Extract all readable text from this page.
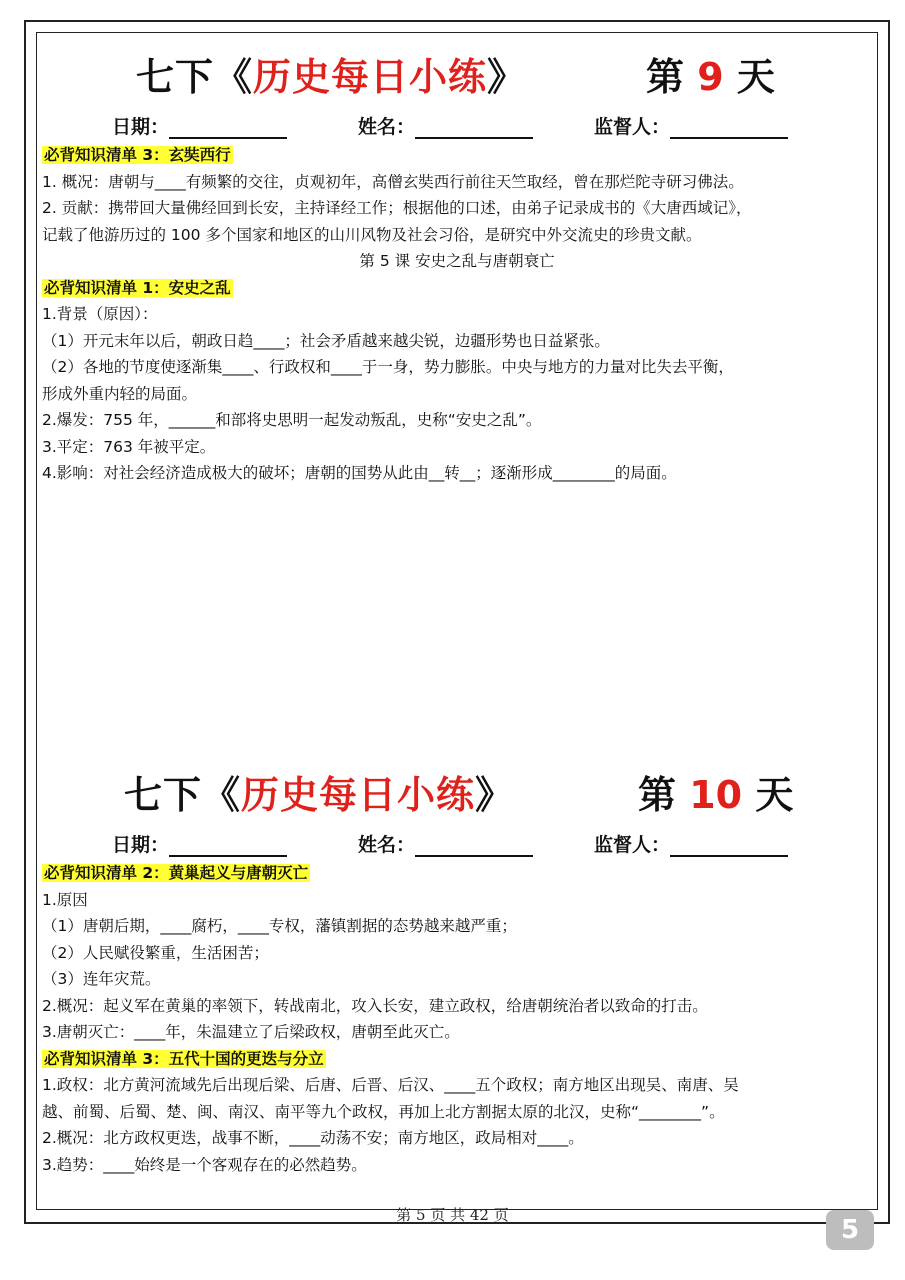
七下《历史每日小练》	第 9 天
日期：	姓名：	监督人：
必背知识清单 3：玄奘西行
1. 概况：唐朝与____有频繁的交往，贞观初年，高僧玄奘西行前往天竺取经，曾在那烂陀寺研习佛法。
2. 贡献：携带回大量佛经回到长安，主持译经工作；根据他的口述，由弟子记录成书的《大唐西域记》，
记载了他游历过的 100 多个国家和地区的山川风物及社会习俗，是研究中外交流史的珍贵文献。
第 5 课 安史之乱与唐朝衰亡
必背知识清单 1：安史之乱
1.背景（原因）：
（1）开元末年以后，朝政日趋____；社会矛盾越来越尖锐，边疆形势也日益紧张。
（2）各地的节度使逐渐集____、行政权和____于一身，势力膨胀。中央与地方的力量对比失去平衡，
形成外重内轻的局面。
2.爆发：755 年，______和部将史思明一起发动叛乱，史称“安史之乱”。
3.平定：763 年被平定。
4.影响：对社会经济造成极大的破坏；唐朝的国势从此由__转__；逐渐形成________的局面。
七下《历史每日小练》	第 10 天
日期：	姓名：	监督人：
必背知识清单 2：黄巢起义与唐朝灭亡
1.原因
（1）唐朝后期，____腐朽，____专权，藩镇割据的态势越来越严重；
（2）人民赋役繁重，生活困苦；
（3）连年灾荒。
2.概况：起义军在黄巢的率领下，转战南北，攻入长安，建立政权，给唐朝统治者以致命的打击。
3.唐朝灭亡：____年，朱温建立了后梁政权，唐朝至此灭亡。
必背知识清单 3：五代十国的更迭与分立
1.政权：北方黄河流域先后出现后梁、后唐、后晋、后汉、____五个政权；南方地区出现吴、南唐、吴
越、前蜀、后蜀、楚、闽、南汉、南平等九个政权，再加上北方割据太原的北汉，史称“________”。
2.概况：北方政权更迭，战事不断，____动荡不安；南方地区，政局相对____。
3.趋势：____始终是一个客观存在的必然趋势。
第 5 页 共 42 页	5
